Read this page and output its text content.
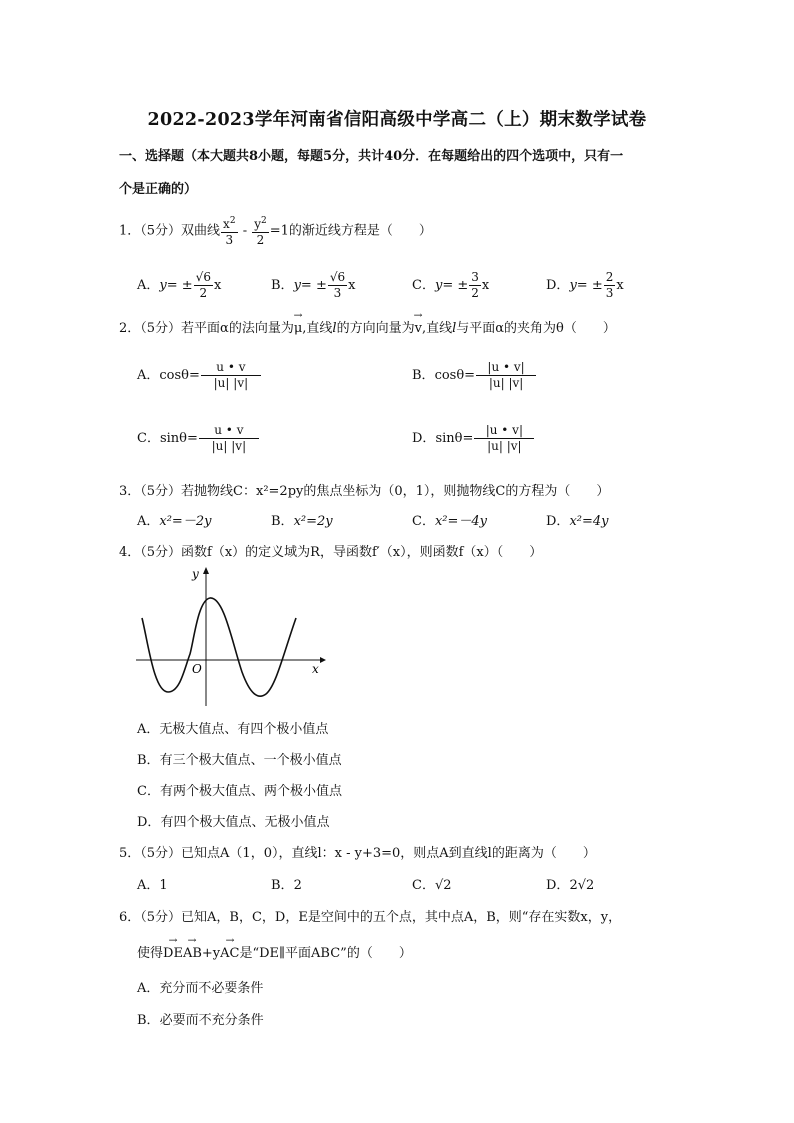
2022-2023学年河南省信阳高级中学高二（上）期末数学试卷
一、选择题（本大题共8小题，每题5分，共计40分．在每题给出的四个选项中，只有一
个是正确的）
1．（5分）双曲线 $\frac{x^2}{3} - \frac{y^2}{2} =1$的渐近线方程是（　　）
A．$y= \pm \frac{√6}{2}$ x	B．$y= \pm \frac{√6}{3}$ x	C．$y= \pm \frac{3}{2}$ x	D．$y= \pm \frac{2}{3}$ x
2．（5分）若平面α的法向量为→ μ,直线l的方向向量为→ v,直线l与平面α的夹角为θ（　　）
A．$\cos\theta= \frac{u • v}{|u| |v|}$	B．$\cos\theta= \frac{|u • v|}{|u| |v|}$
C．$\sin\theta= \frac{u • v}{|u| |v|}$	D．$\sin\theta= \frac{|u • v|}{|u| |v|}$
3．（5分）若抛物线C：x²=2py的焦点坐标为（0，1），则抛物线C的方程为（　　）
A．x²=－2y	B．x²=2y	C．x²=－4y	D．x²=4y
4．（5分）函数f（x）的定义域为R，导函数f′（x），则函数f（x）（　　）
y
x
O
A．无极大值点、有四个极小值点
B．有三个极大值点、一个极小值点
C．有两个极大值点、两个极小值点
D．有四个极大值点、无极小值点
5．（5分）已知点A（1，0），直线l：x - y+3=0，则点A到直线l的距离为（　　）
A．1	B．2	C．√2	D．2√2
6．（5分）已知A，B，C，D，E是空间中的五个点，其中点A，B，则“存在实数x，y，
使得→ DE→ AB+y→ AC是“DE∥平面ABC”的（　　）
A．充分而不必要条件
B．必要而不充分条件
